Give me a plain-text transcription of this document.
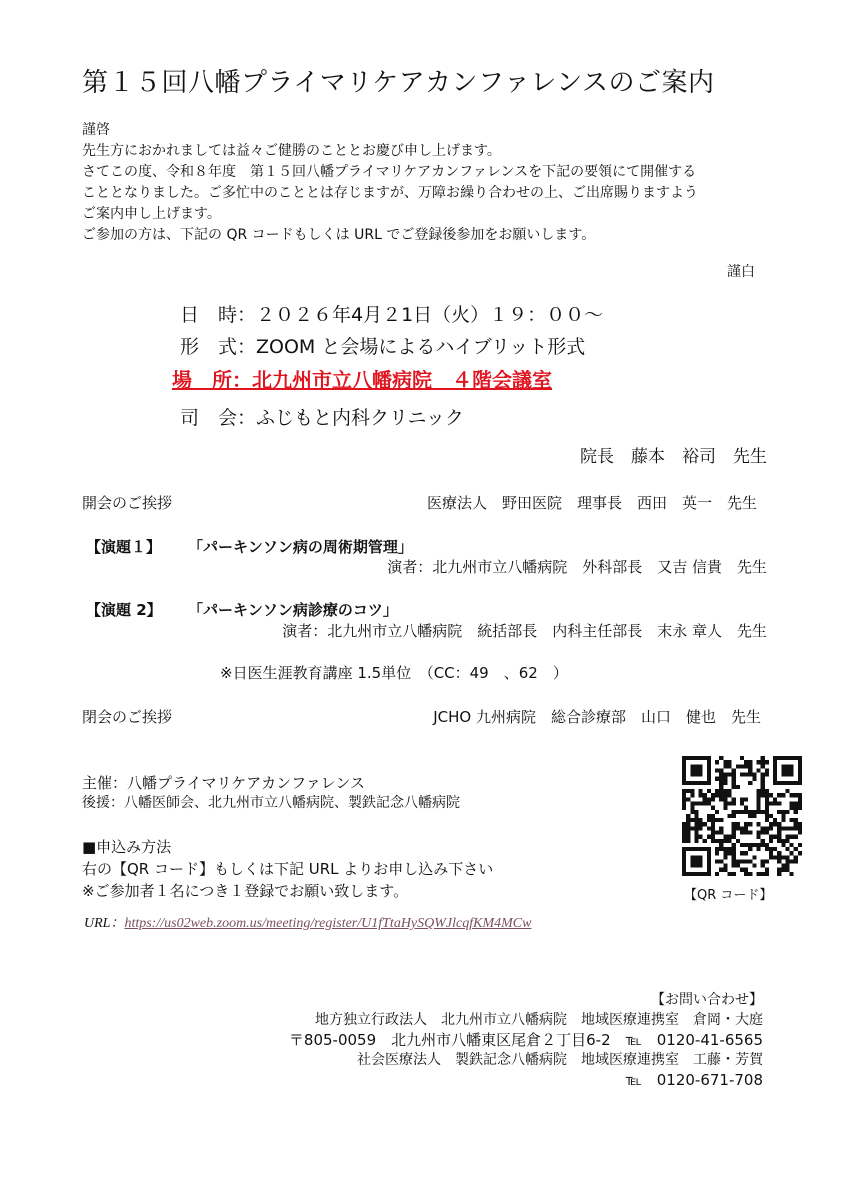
第１５回八幡プライマリケアカンファレンスのご案内
謹啓
先生方におかれましては益々ご健勝のこととお慶び申し上げます。
さてこの度、令和８年度　第１５回八幡プライマリケアカンファレンスを下記の要領にて開催する
こととなりました。ご多忙中のこととは存じますが、万障お繰り合わせの上、ご出席賜りますよう
ご案内申し上げます。
ご参加の方は、下記の QR コードもしくは URL でご登録後参加をお願いします。
謹白
日　時：２０２６年4月２1日（火）１９：００～
形　式：ZOOM と会場によるハイブリット形式
場　所：北九州市立八幡病院　４階会議室
司　会：ふじもと内科クリニック
院長　藤本　裕司　先生
開会のご挨拶	医療法人　野田医院　理事長　西田　英一　先生
【演題１】 「パーキンソン病の周術期管理」
演者：北九州市立八幡病院　外科部長　又吉 信貴　先生
【演題 2】 「パーキンソン病診療のコツ」
演者：北九州市立八幡病院　統括部長　内科主任部長　末永 章人　先生
※日医生涯教育講座 1.5単位　（CC：49　、62　）
閉会のご挨拶	JCHO 九州病院　総合診療部　山口　健也　先生
主催：八幡プライマリケアカンファレンス
後援：八幡医師会、北九州市立八幡病院、製鉄記念八幡病院
■申込み方法
右の【QR コード】もしくは下記 URL よりお申し込み下さい
※ご参加者１名につき１登録でお願い致します。	【QR コード】
URL：https://us02web.zoom.us/meeting/register/U1fTtaHySQWJlcqfKM4MCw
【お問い合わせ】
地方独立行政法人　北九州市立八幡病院　地域医療連携室　倉岡・大庭
〒805-0059　北九州市八幡東区尾倉２丁目6-2　℡　0120-41-6565
社会医療法人　製鉄記念八幡病院　地域医療連携室　工藤・芳賀
℡　0120-671-708
